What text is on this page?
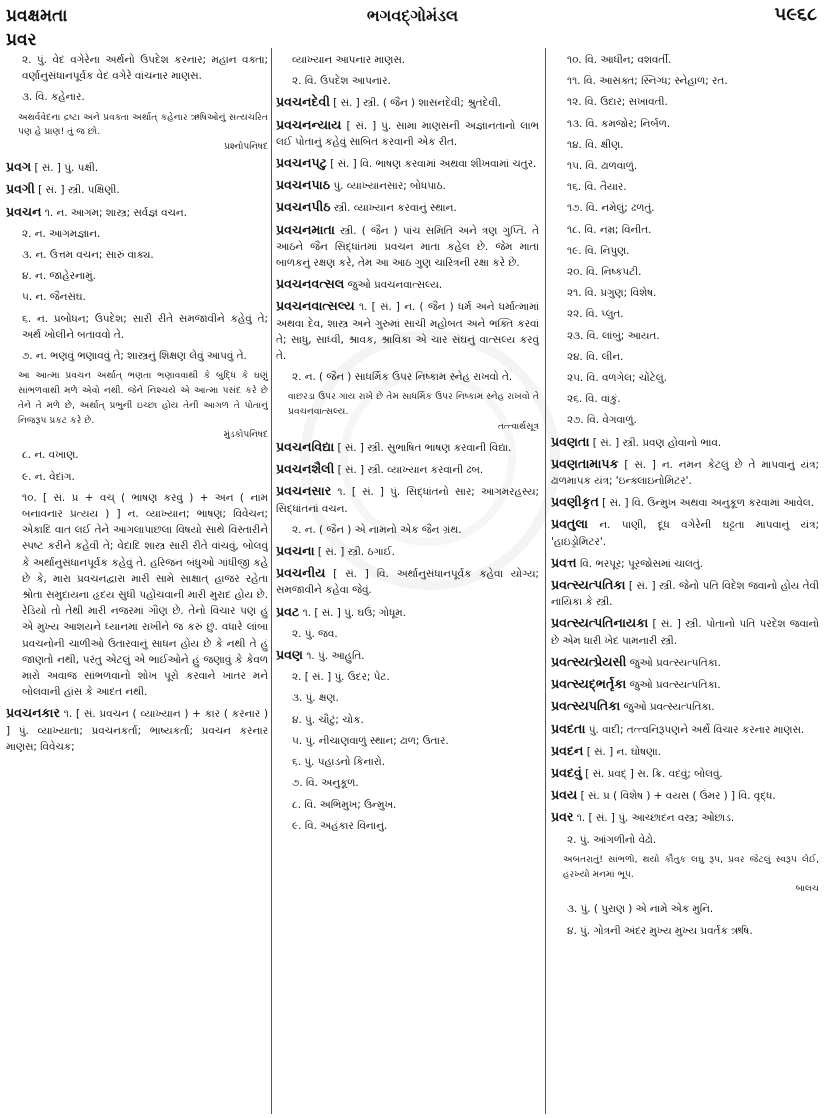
પ્રવક્ષમતા	ભગવદ્ગોમંડલ	૫૯૬૮
પ્રવર
૨. પું. વેદ વગેરેના અર્થનો ઉપદેશ કરનાર; મહાન વક્તા; વર્ણાનુસંધાનપૂર્વક વેદ વગેરે વાંચનાર માણસ.
૩. વિ. કહેનાર.
અથર્વવેદના દ્રષ્ટા અને પ્રવક્તા અર્થાત્ કહેનાર ઋષિઓનું સત્યચરિત પણ હે પ્રાણ! તું જ છો.
પ્રશ્નોપનિષદ
પ્રવગ [ સં. ] પું. પક્ષી.
પ્રવગી [ સં. ] સ્ત્રી. પક્ષિણી.
પ્રવચન ૧. ન. આગમ; શાસ્ત્ર; સર્વજ્ઞ વચન.
૨. ન. આગમજ્ઞાન.
૩. ન. ઉત્તમ વચન; સારું વાક્ય.
૪. ન. જાહેરનામું.
૫. ન. જૈનસંઘ.
૬. ન. પ્રબોધન; ઉપદેશ; સારી રીતે સમજાવીને કહેવું તે; અર્થ ખોલીને બતાવવો તે.
૭. ન. ભણવું ભણાવવું તે; શાસ્ત્રનું શિક્ષણ લેવું આપવું તે.
આ આત્મા પ્રવચન અર્થાત્ ભણતા ભણાવવાથી કે બુદ્ધિ કે ઘણું સાંભળવાથી મળે એવો નથી. જેને નિશ્ચયે એ આત્મા પસંદ કરે છે તેને તે મળે છે, અર્થાત્ પ્રભુની ઇચ્છા હોય તેની આગળ તે પોતાનું નિજરૂપ પ્રકટ કરે છે.
મુંડકોપનિષદ
૮. ન. વખાણ.
૯. ન. વેદાંગ.
૧૦. [ સં. પ્ર + વચ્ ( ભાષણ કરવું ) + અન ( નામ બનાવનાર પ્રત્યય ) ] ન. વ્યાખ્યાન; ભાષણ; વિવેચન; એકાદિ વાત લઈ તેને આગલાપાછલા વિષયો સાથે વિસ્તારીને સ્પષ્ટ કરીને કહેવી તે; વેદાદિ શાસ્ત્ર સારી રીતે વાંચવું, બોલવું કે અર્થાનુસંધાનપૂર્વક કહેવું તે. હરિજન બંધુઓ ગાંધીજી કહે છે કે, મારા પ્રવચનદ્વારા મારી સામે સાક્ષાત્ હાજર રહેતા શ્રોતા સમુદાયના હૃદય સુધી પહોંચવાની મારી મુરાદ હોય છે. રેડિયો તો તેથી મારી નજરમાં ગૌણ છે. તેનો વિચાર પણ હું એ મુખ્ય આશયને ધ્યાનમાં રાખીને જ કરું છું. વધારે લાંબા પ્રવચનોની ચાળીઓ ઉતારવાનું સાધન હોય છે કે નથી તે હું જાણતો નથી, પરંતુ એટલું એ ભાઈઓને હું જણાવું કે કેવળ મારો અવાજ સાંભળવાનો શોખ પૂરો કરવાને ખાતર મને બોલવાની હાંસ કે આદત નથી.
પ્રવચનકાર ૧. [ સં. પ્રવચન ( વ્યાખ્યાન ) + કાર ( કરનાર ) ] પું. વ્યાખ્યાતા; પ્રવચનકર્તા; ભાષ્યકર્તા; પ્રવચન કરનાર માણસ; વિવેચક;
વ્યાખ્યાન આપનાર માણસ.
૨. વિ. ઉપદેશ આપનાર.
પ્રવચનદેવી [ સં. ] સ્ત્રી. ( જૈન ) શાસનદેવી; શ્રુતદેવી.
પ્રવચનન્યાય [ સં. ] પું. સામા માણસની અજ્ઞાનતાનો લાભ લઈ પોતાનું કહેવું સાબિત કરવાની એક રીત.
પ્રવચનપટુ [ સં. ] વિ. ભાષણ કરવામાં અથવા શીખવામાં ચતુર.
પ્રવચનપાઠ પું. વ્યાખ્યાનસાર; બોધપાઠ.
પ્રવચનપીઠ સ્ત્રી. વ્યાખ્યાન કરવાનું સ્થાન.
પ્રવચનમાતા સ્ત્રી. ( જૈન ) પાંચ સમિતિ અને ત્રણ ગુપ્તિ. તે આઠને જૈન સિદ્ધાંતમાં પ્રવચન માતા કહેલ છે. જેમ માતા બાળકનું રક્ષણ કરે, તેમ આ આઠ ગુણ ચારિત્રની રક્ષા કરે છે.
પ્રવચનવત્સલ જુઓ પ્રવચનવાત્સલ્ય.
પ્રવચનવાત્સલ્ય ૧. [ સં. ] ન. ( જૈન ) ધર્મ અને ધર્માત્મામાં અથવા દેવ, શાસ્ત્ર અને ગુરુમાં સાચી મહોબત અને ભક્તિ કરવાં તે; સાધુ, સાધ્વી, શ્રાવક, શ્રાવિકા એ ચાર સંઘનું વાત્સલ્ય કરવું તે.
૨. ન. ( જૈન ) સાધર્મિક ઉપર નિષ્કામ સ્નેહ રાખવો તે.
વાછરડા ઉપર ગાય રાખે છે તેમ સાધર્મિક ઉપર નિષ્કામ સ્નેહ રાખવો તે પ્રવચનવાત્સલ્ય.
તત્ત્વાર્થસૂત્ર
પ્રવચનવિદ્યા [ સં. ] સ્ત્રી. સુભાષિત ભાષણ કરવાની વિદ્યા.
પ્રવચનશૈલી [ સં. ] સ્ત્રી. વ્યાખ્યાન કરવાની ઢબ.
પ્રવચનસાર ૧. [ સં. ] પું. સિદ્ધાંતનો સાર; આગમરહસ્ય; સિદ્ધાંતનાં વચન.
૨. ન. ( જૈન ) એ નામનો એક જૈન ગ્રંથ.
પ્રવચના [ સં. ] સ્ત્રી. ઠગાઈ.
પ્રવચનીય [ સં. ] વિ. અર્થાનુસંધાનપૂર્વક કહેવા યોગ્ય; સમજાવીને કહેવા જેવું.
પ્રવટ ૧. [ સં. ] પું. ઘઉં; ગોધૂમ.
૨. પું. જવ.
પ્રવણ ૧. પું. આહુતિ.
૨. [ સં. ] પું. ઉદર; પેટ.
૩. પું. ક્ષણ.
૪. પું. ચૌટું; ચોક.
૫. પું. નીચાણવાળું સ્થાન; ઢાળ; ઉતાર.
૬. પું. પહાડનો કિનારો.
૭. વિ. અનુકૂળ.
૮. વિ. અભિમુખ; ઉન્મુખ.
૯. વિ. અહંકાર વિનાનું.
૧૦. વિ. આધીન; વશવર્તી.
૧૧. વિ. આસક્ત; સ્નિગ્ધ; સ્નેહાળ; રત.
૧૨. વિ. ઉદાર; સખાવતી.
૧૩. વિ. કમજોર; નિર્બળ.
૧૪. વિ. ક્ષીણ.
૧૫. વિ. ઢાળવાળું.
૧૬. વિ. તૈયાર.
૧૭. વિ. નમેલું; ઢળતું.
૧૮. વિ. નમ્ર; વિનીત.
૧૯. વિ. નિપુણ.
૨૦. વિ. નિષ્કપટી.
૨૧. વિ. પ્રગુણ; વિશેષ.
૨૨. વિ. પ્લુત.
૨૩. વિ. લાંબું; આયત.
૨૪. વિ. લીન.
૨૫. વિ. વળગેલ; ચોંટેલું.
૨૬. વિ. વાંકું.
૨૭. વિ. વેગવાળું.
પ્રવણતા [ સં. ] સ્ત્રી. પ્રવણ હોવાનો ભાવ.
પ્રવણતામાપક [ સં. ] ન. નમન કેટલું છે તે માપવાનું યંત્ર; ઢાળમાપક યંત્ર; 'ઇન્ક્લાઇનોમિટર'.
પ્રવણીકૃત [ સં. ] વિ. ઉન્મુખ અથવા અનુકૂળ કરવામાં આવેલ.
પ્રવતુલા ન. પાણી, દૂધ વગેરેની ઘટ્ટતા માપવાનું યંત્ર; 'હાઇડ્રોમિટર'.
પ્રવત્ત વિ. ભરપૂર; પૂરજોસમાં ચાલતું.
પ્રવત્સ્યત્પતિકા [ સં. ] સ્ત્રી. જેનો પતિ વિદેશ જવાનો હોય તેવી નાયિકા કે સ્ત્રી.
પ્રવત્સ્યત્પતિનાયકા [ સં. ] સ્ત્રી. પોતાનો પતિ પરદેશ જવાનો છે એમ ધારી ખેદ પામનારી સ્ત્રી.
પ્રવત્સ્યત્પ્રેયસી જુઓ પ્રવત્સ્યત્પતિકા.
પ્રવત્સ્યદ્ભર્તૃકા જુઓ પ્રવત્સ્યત્પતિકા.
પ્રવત્સ્યપતિકા જુઓ પ્રવત્સ્યત્પતિકા.
પ્રવદતા પું. વાદી; તત્ત્વનિરૂપણને અર્થે વિચાર કરનાર માણસ.
પ્રવદન [ સં. ] ન. ઘોષણા.
પ્રવદવું [ સં. પ્રવદ્ ] સ. ક્રિ. વદવું; બોલવું.
પ્રવય [ સં. પ્ર ( વિશેષ ) + વયસ ( ઉંમર ) ] વિ. વૃદ્ધ.
પ્રવર ૧. [ સં. ] પું. આચ્છાદન વસ્ત્ર; ઓછાડ.
૨. પું. આંગળીનો વેઢો.
અબતરાતું! સાંભળો, થયો કૌતુક લઘુ રૂપ, પ્રવર જેટલું સ્વરૂપ લેઈ, હરખ્યો મનમાં ભૂપ.
બાલચ
૩. પું. ( પુરાણ ) એ નામે એક મુનિ.
૪. પું. ગોત્રની અંદર મુખ્ય મુખ્ય પ્રવર્તક ઋષિ.
